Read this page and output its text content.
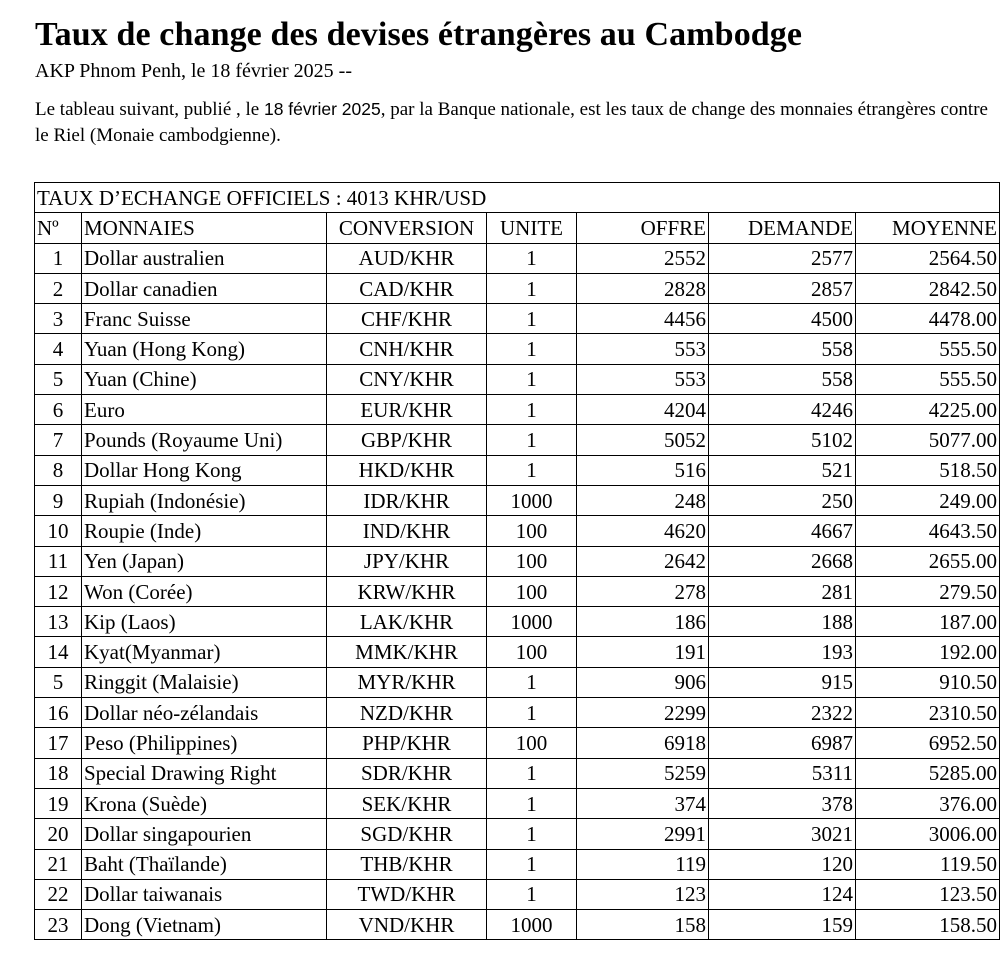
Taux de change des devises étrangères au Cambodge
AKP Phnom Penh, le 18 février 2025 --
Le tableau suivant, publié , le 18 février 2025, par la Banque nationale, est les taux de change des monnaies étrangères contre le Riel (Monaie cambodgienne).
TAUX D’ECHANGE OFFICIELS : 4013 KHR/USD						
Nº	MONNAIES	CONVERSION	UNITE	OFFRE	DEMANDE	MOYENNE
1	Dollar australien	AUD/KHR	1	2552	2577	2564.50
2	Dollar canadien	CAD/KHR	1	2828	2857	2842.50
3	Franc Suisse	CHF/KHR	1	4456	4500	4478.00
4	Yuan (Hong Kong)	CNH/KHR	1	553	558	555.50
5	Yuan (Chine)	CNY/KHR	1	553	558	555.50
6	Euro	EUR/KHR	1	4204	4246	4225.00
7	Pounds (Royaume Uni)	GBP/KHR	1	5052	5102	5077.00
8	Dollar Hong Kong	HKD/KHR	1	516	521	518.50
9	Rupiah (Indonésie)	IDR/KHR	1000	248	250	249.00
10	Roupie (Inde)	IND/KHR	100	4620	4667	4643.50
11	Yen (Japan)	JPY/KHR	100	2642	2668	2655.00
12	Won (Corée)	KRW/KHR	100	278	281	279.50
13	Kip (Laos)	LAK/KHR	1000	186	188	187.00
14	Kyat(Myanmar)	MMK/KHR	100	191	193	192.00
5	Ringgit (Malaisie)	MYR/KHR	1	906	915	910.50
16	Dollar néo-zélandais	NZD/KHR	1	2299	2322	2310.50
17	Peso (Philippines)	PHP/KHR	100	6918	6987	6952.50
18	Special Drawing Right	SDR/KHR	1	5259	5311	5285.00
19	Krona (Suède)	SEK/KHR	1	374	378	376.00
20	Dollar singapourien	SGD/KHR	1	2991	3021	3006.00
21	Baht (Thaïlande)	THB/KHR	1	119	120	119.50
22	Dollar taiwanais	TWD/KHR	1	123	124	123.50
23	Dong (Vietnam)	VND/KHR	1000	158	159	158.50
